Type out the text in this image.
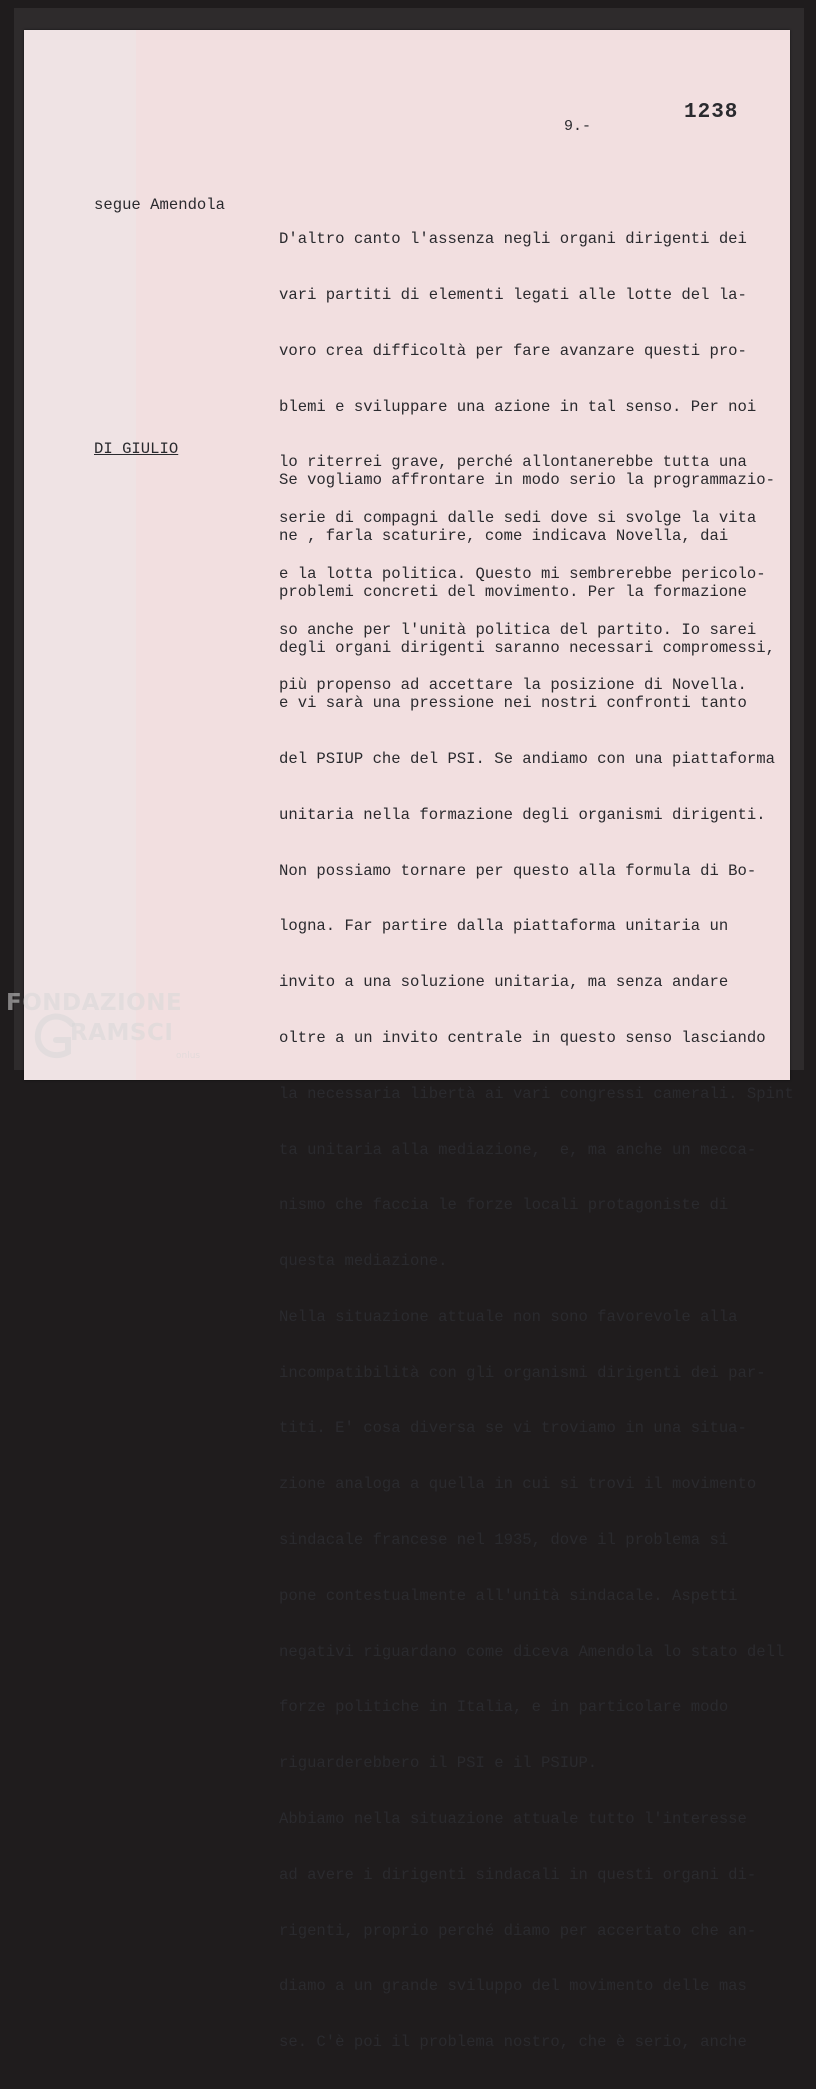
9.-
1238
segue Amendola

D'altro canto l'assenza negli organi dirigenti dei

vari partiti di elementi legati alle lotte del la-

voro crea difficoltà per fare avanzare questi pro-

blemi e sviluppare una azione in tal senso. Per noi

lo riterrei grave, perché allontanerebbe tutta una

serie di compagni dalle sedi dove si svolge la vita

e la lotta politica. Questo mi sembrerebbe pericolo-

so anche per l'unità politica del partito. Io sarei

più propenso ad accettare la posizione di Novella.

DI GIULIO

Se vogliamo affrontare in modo serio la programmazio-

ne , farla scaturire, come indicava Novella, dai

problemi concreti del movimento. Per la formazione

degli organi dirigenti saranno necessari compromessi,

e vi sarà una pressione nei nostri confronti tanto

del PSIUP che del PSI. Se andiamo con una piattaforma

unitaria nella formazione degli organismi dirigenti.

Non possiamo tornare per questo alla formula di Bo-

logna. Far partire dalla piattaforma unitaria un

invito a una soluzione unitaria, ma senza andare

oltre a un invito centrale in questo senso lasciando

la necessaria libertà ai vari congressi camerali. Spint

ta unitaria alla mediazione,  e, ma anche un mecca-

nismo che faccia le forze locali protagoniste di

questa mediazione.

Nella situazione attuale non sono favorevole alla

incompatibilità con gli organismi dirigenti dei par-

titi. E' cosa diversa se vi troviamo in una situa-

zione analoga a quella in cui si trovi il movimento

sindacale francese nel 1935, dove il problema si

pone contestualmente all'unità sindacale. Aspetti

negativi riguardano come diceva Amendola lo stato dell

forze politiche in Italia, e in particolare modo

riguarderebbero il PSI e il PSIUP.

Abbiamo nella situazione attuale tutto l'interesse

ad avere i dirigenti sindacali in questi organi di-

rigenti, proprio perché diamo per accertato che an-

diamo a un grande sviluppo del movimento delle mas

se. C'è poi il problema nostro, che è serio, anche

FONDAZIONE
RAMSCI
onlus
